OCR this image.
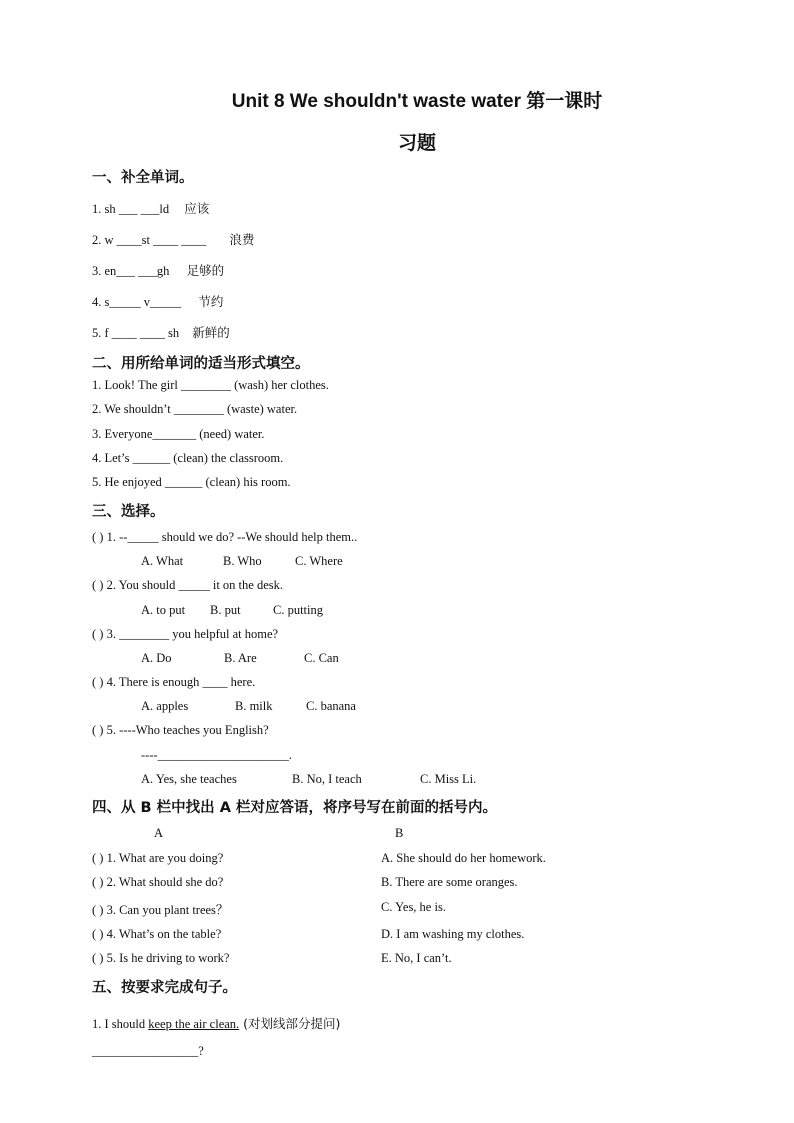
Unit 8 We shouldn't waste water 第一课时
习题
一、补全单词。
1. sh ___ ___ld 应该
2. w ____st ____ ____ 浪费
3. en___ ___gh 足够的
4. s_____ v_____ 节约
5. f ____ ____ sh 新鲜的
二、用所给单词的适当形式填空。
1. Look! The girl ________ (wash) her clothes.
2. We shouldn’t ________ (waste) water.
3. Everyone_______ (need) water.
4. Let’s ______ (clean) the classroom.
5. He enjoyed ______ (clean) his room.
三、选择。
( ) 1. --_____ should we do? --We should help them..
A. What	B. Who	C. Where
( ) 2. You should _____ it on the desk.
A. to put B. put	C. putting
( ) 3. ________ you helpful at home?
A. Do	B. Are	C. Can
( ) 4. There is enough ____ here.
A. apples	B. milk	C. banana
( ) 5. ----Who teaches you English?
----_____________________.
A. Yes, she teaches	B. No, I teach	C. Miss Li.
四、从 B 栏中找出 A 栏对应答语，将序号写在前面的括号内。
A	B
( ) 1. What are you doing?	A. She should do her homework.
( ) 2. What should she do?	B. There are some oranges.
( ) 3. Can you plant trees？	C. Yes, he is.
( ) 4. What’s on the table?	D. I am washing my clothes.
( ) 5. Is he driving to work?	E. No, I can’t.
五、按要求完成句子。
1. I should keep the air clean. (对划线部分提问)
_________________?
